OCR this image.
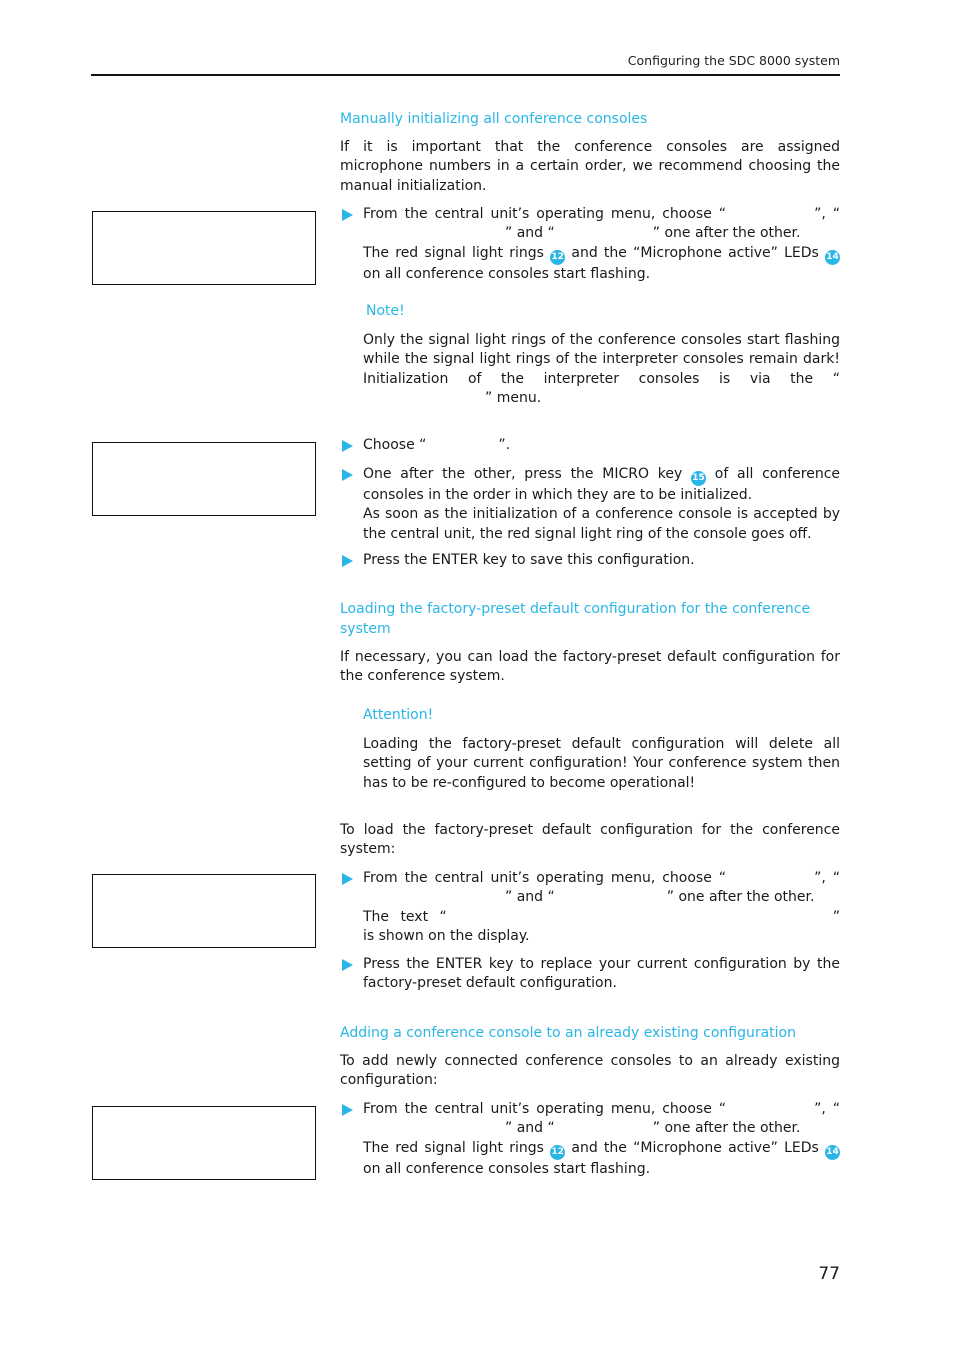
Configuring the SDC 8000 system

Manually initializing all conference consoles

If it is important that the conference consoles are assigned microphone numbers in a certain order, we recommend choosing the manual initialization.

From the central unit’s operating menu, choose “	”, “” and “	” one after the other.
The red signal light rings 12 and the “Microphone active” LEDs 14 on all conference consoles start flashing.

Note!

Only the signal light rings of the conference consoles start flashing while the signal light rings of the interpreter consoles remain dark! Initialization of the interpreter consoles is via the “” menu.

Choose “	”.
One after the other, press the MICRO key 15 of all conference consoles in the order in which they are to be initialized.
As soon as the initialization of a conference console is accepted by the central unit, the red signal light ring of the console goes off.
Press the ENTER key to save this configuration.

Loading the factory-preset default configuration for the conference system

If necessary, you can load the factory-preset default configuration for the conference system.

Attention!

Loading the factory-preset default configuration will delete all setting of your current configuration! Your conference system then has to be re-configured to become operational!

To load the factory-preset default configuration for the conference system:

From the central unit’s operating menu, choose “	”, “” and “	” one after the other.
The text “	” is shown on the display.
Press the ENTER key to replace your current configuration by the factory-preset default configuration.

Adding a conference console to an already existing configuration

To add newly connected conference consoles to an already existing configuration:

From the central unit’s operating menu, choose “	”, “” and “	” one after the other.
The red signal light rings 12 and the “Microphone active” LEDs 14 on all conference consoles start flashing.
77
